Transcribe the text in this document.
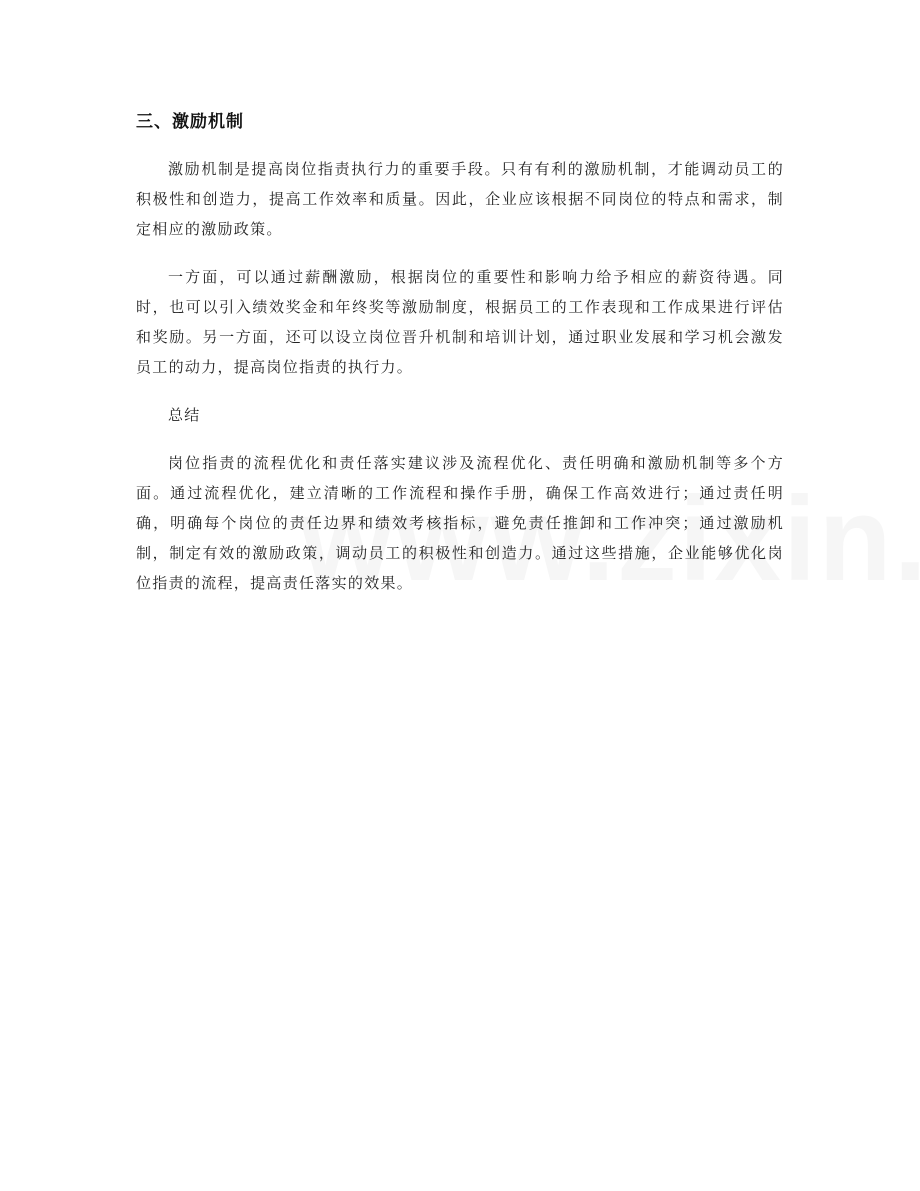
三、激励机制

激励机制是提高岗位指责执行力的重要手段。只有有利的激励机制，才能调动员工的积极性和创造力，提高工作效率和质量。因此，企业应该根据不同岗位的特点和需求，制定相应的激励政策。

一方面，可以通过薪酬激励，根据岗位的重要性和影响力给予相应的薪资待遇。同时，也可以引入绩效奖金和年终奖等激励制度，根据员工的工作表现和工作成果进行评估和奖励。另一方面，还可以设立岗位晋升机制和培训计划，通过职业发展和学习机会激发员工的动力，提高岗位指责的执行力。

总结

岗位指责的流程优化和责任落实建议涉及流程优化、责任明确和激励机制等多个方面。通过流程优化，建立清晰的工作流程和操作手册，确保工作高效进行；通过责任明确，明确每个岗位的责任边界和绩效考核指标，避免责任推卸和工作冲突；通过激励机制，制定有效的激励政策，调动员工的积极性和创造力。通过这些措施，企业能够优化岗位指责的流程，提高责任落实的效果。
